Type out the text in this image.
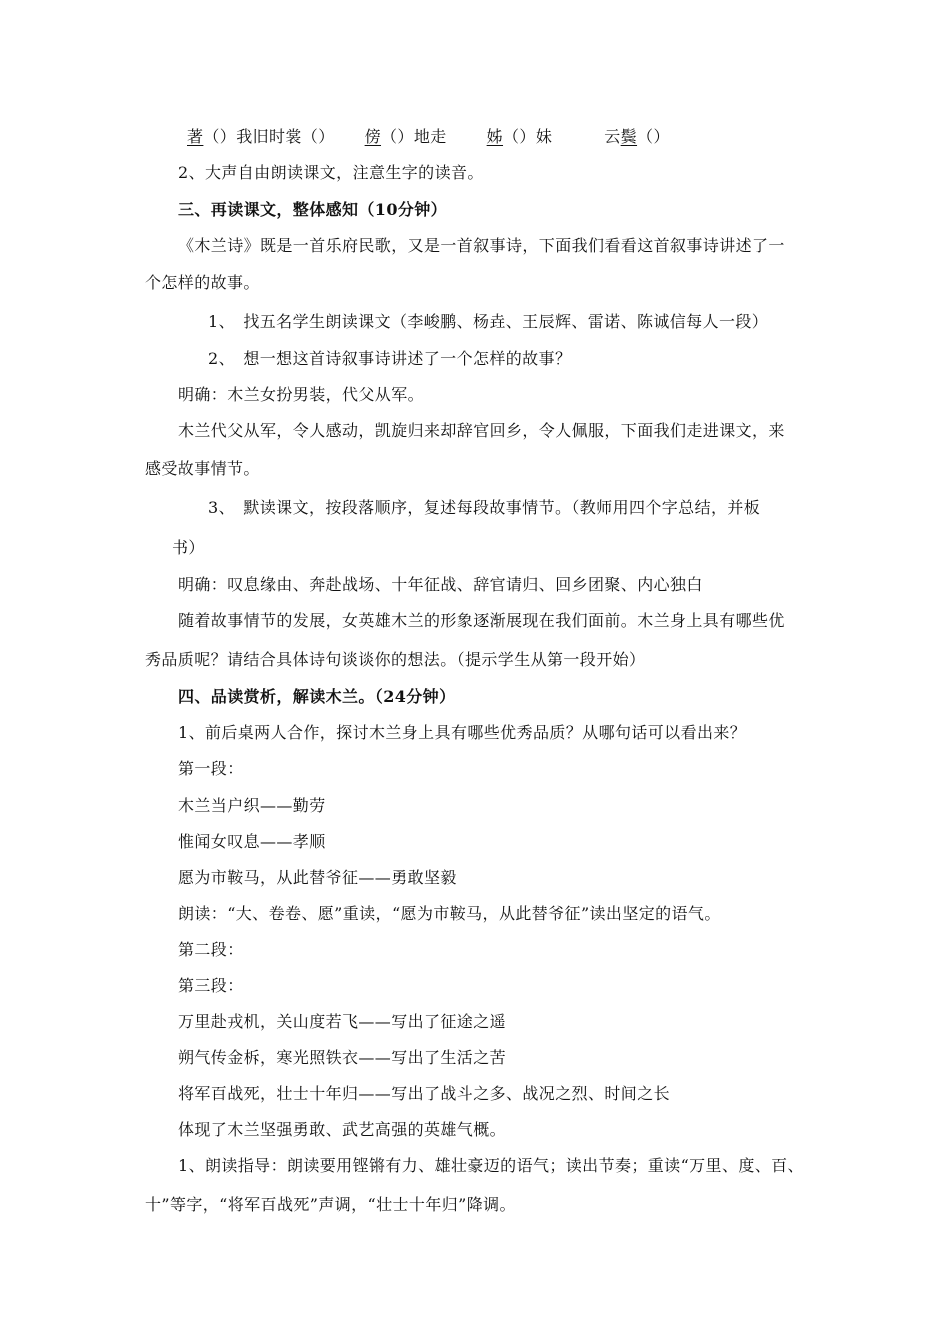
著（）我旧时裳（） 傍（）地走	姊（）妹	云鬓（）
2、大声自由朗读课文，注意生字的读音。
三、再读课文，整体感知（10分钟）
《木兰诗》既是一首乐府民歌，又是一首叙事诗，下面我们看看这首叙事诗讲述了一
个怎样的故事。
1、　找五名学生朗读课文（李峻鹏、杨垚、王辰辉、雷诺、陈诚信每人一段）
2、　想一想这首诗叙事诗讲述了一个怎样的故事？
明确：木兰女扮男装，代父从军。
木兰代父从军，令人感动，凯旋归来却辞官回乡，令人佩服，下面我们走进课文，来
感受故事情节。
3、　默读课文，按段落顺序，复述每段故事情节。（教师用四个字总结，并板
书）
明确：叹息缘由、奔赴战场、十年征战、辞官请归、回乡团聚、内心独白
随着故事情节的发展，女英雄木兰的形象逐渐展现在我们面前。木兰身上具有哪些优
秀品质呢？请结合具体诗句谈谈你的想法。（提示学生从第一段开始）
四、品读赏析，解读木兰。（24分钟）
1、前后桌两人合作，探讨木兰身上具有哪些优秀品质？从哪句话可以看出来？
第一段：
木兰当户织——勤劳
惟闻女叹息——孝顺
愿为市鞍马，从此替爷征——勇敢坚毅
朗读：“大、卷卷、愿”重读，“愿为市鞍马，从此替爷征”读出坚定的语气。
第二段：
第三段：
万里赴戎机，关山度若飞——写出了征途之遥
朔气传金柝，寒光照铁衣——写出了生活之苦
将军百战死，壮士十年归——写出了战斗之多、战况之烈、时间之长
体现了木兰坚强勇敢、武艺高强的英雄气概。
1、朗读指导：朗读要用铿锵有力、雄壮豪迈的语气；读出节奏；重读“万里、度、百、
十”等字，“将军百战死”声调，“壮士十年归”降调。
